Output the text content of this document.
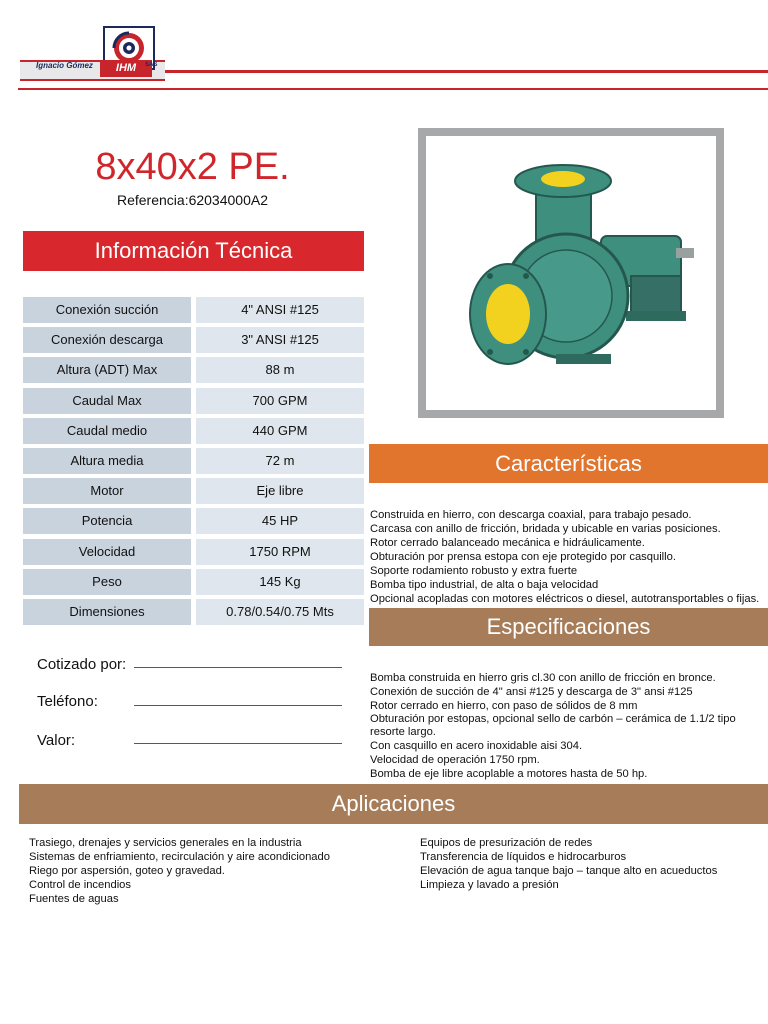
Ignacio Gómez	IHM	SAS
8x40x2 PE.
Referencia:62034000A2
Información Técnica
Conexión succión	4" ANSI #125
Conexión descarga	3" ANSI #125
Altura (ADT) Max	88 m
Caudal Max	700 GPM
Caudal medio	440 GPM
Altura media	72 m
Motor	Eje libre
Potencia	45 HP
Velocidad	1750 RPM
Peso	145 Kg
Dimensiones	0.78/0.54/0.75 Mts
Cotizado por:
Teléfono:
Valor:
Características
Construida en hierro, con descarga coaxial, para trabajo pesado.
Carcasa con anillo de fricción, bridada y ubicable en varias posiciones.
Rotor cerrado balanceado mecánica e hidráulicamente.
Obturación por prensa estopa con eje protegido por casquillo.
Soporte rodamiento robusto y extra fuerte
Bomba tipo industrial, de alta o baja velocidad
Opcional acopladas con motores eléctricos o diesel, autotransportables o fijas.
Especificaciones
Bomba construida en hierro gris cl.30 con anillo de fricción en bronce.
Conexión de succión de 4" ansi #125 y descarga de 3" ansi #125
Rotor cerrado en hierro, con paso de sólidos de 8 mm
Obturación por estopas, opcional sello de carbón – cerámica de 1.1/2 tipo resorte largo.
Con casquillo en acero inoxidable aisi 304.
Velocidad de operación 1750 rpm.
Bomba de eje libre acoplable a motores hasta de 50 hp.
Aplicaciones
Trasiego, drenajes y servicios generales en la industria
Sistemas de enfriamiento, recirculación y aire acondicionado
Riego por aspersión, goteo y gravedad.
Control de incendios
Fuentes de aguas
Equipos de presurización de redes
Transferencia de líquidos e hidrocarburos
Elevación de agua tanque bajo – tanque alto en acueductos
Limpieza y lavado a presión
